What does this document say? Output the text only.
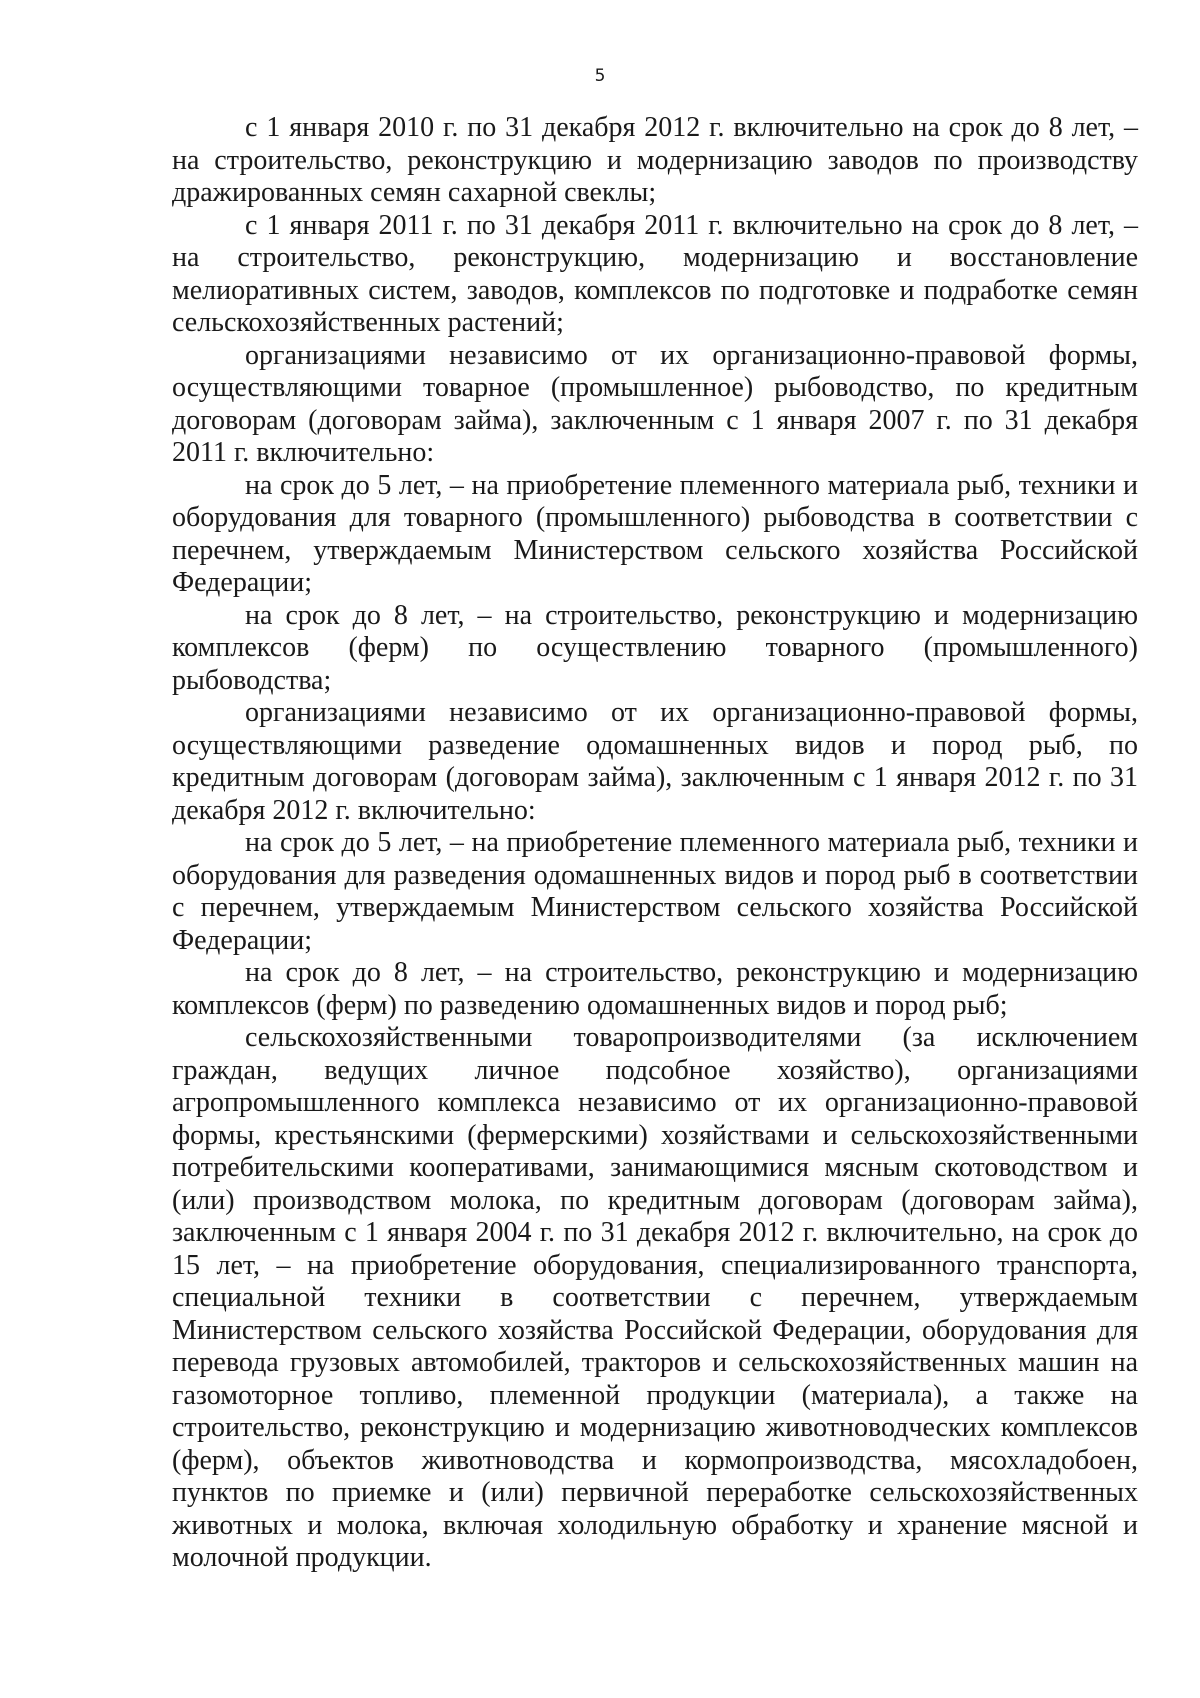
5

с 1 января 2010 г. по 31 декабря 2012 г. включительно на срок до 8 лет, – на строительство, реконструкцию и модернизацию заводов по производству дражированных семян сахарной свеклы;

с 1 января 2011 г. по 31 декабря 2011 г. включительно на срок до 8 лет, – на строительство, реконструкцию, модернизацию и восстановление мелиоративных систем, заводов, комплексов по подготовке и подработке семян сельскохозяйственных растений;

организациями независимо от их организационно-правовой формы, осуществляющими товарное (промышленное) рыбоводство, по кредитным договорам (договорам займа), заключенным с 1 января 2007 г. по 31 декабря 2011 г. включительно:

на срок до 5 лет, – на приобретение племенного материала рыб, техники и оборудования для товарного (промышленного) рыбоводства в соответствии с перечнем, утверждаемым Министерством сельского хозяйства Российской Федерации;

на срок до 8 лет, – на строительство, реконструкцию и модернизацию комплексов (ферм) по осуществлению товарного (промышленного) рыбоводства;

организациями независимо от их организационно-правовой формы, осуществляющими разведение одомашненных видов и пород рыб, по кредитным договорам (договорам займа), заключенным с 1 января 2012 г. по 31 декабря 2012 г. включительно:

на срок до 5 лет, – на приобретение племенного материала рыб, техники и оборудования для разведения одомашненных видов и пород рыб в соответствии с перечнем, утверждаемым Министерством сельского хозяйства Российской Федерации;

на срок до 8 лет, – на строительство, реконструкцию и модернизацию комплексов (ферм) по разведению одомашненных видов и пород рыб;

сельскохозяйственными товаропроизводителями (за исключением граждан, ведущих личное подсобное хозяйство), организациями агропромышленного комплекса независимо от их организационно-правовой формы, крестьянскими (фермерскими) хозяйствами и сельскохозяйственными потребительскими кооперативами, занимающимися мясным скотоводством и (или) производством молока, по кредитным договорам (договорам займа), заключенным с 1 января 2004 г. по 31 декабря 2012 г. включительно, на срок до 15 лет, – на приобретение оборудования, специализированного транспорта, специальной техники в соответствии с перечнем, утверждаемым Министерством сельского хозяйства Российской Федерации, оборудования для перевода грузовых автомобилей, тракторов и сельскохозяйственных машин на газомоторное топливо, племенной продукции (материала), а также на строительство, реконструкцию и модернизацию животноводческих комплексов (ферм), объектов животноводства и кормопроизводства, мясохладобоен, пунктов по приемке и (или) первичной переработке сельскохозяйственных животных и молока, включая холодильную обработку и хранение мясной и молочной продукции.
